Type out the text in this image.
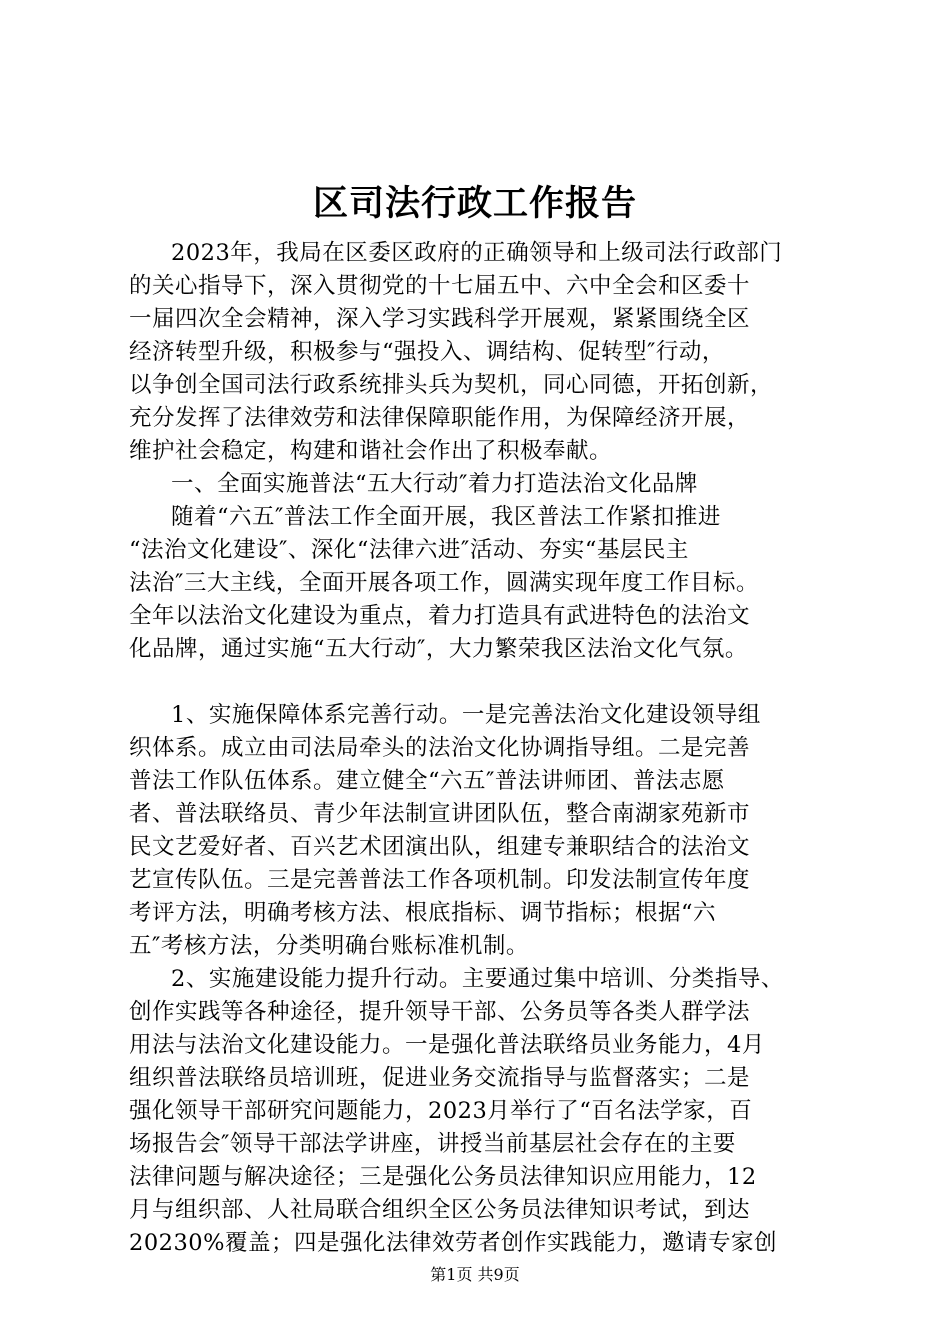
区司法行政工作报告
2023年，我局在区委区政府的正确领导和上级司法行政部门
的关心指导下，深入贯彻党的十七届五中、六中全会和区委十
一届四次全会精神，深入学习实践科学开展观，紧紧围绕全区
经济转型升级，积极参与“强投入、调结构、促转型″行动，
以争创全国司法行政系统排头兵为契机，同心同德，开拓创新，
充分发挥了法律效劳和法律保障职能作用，为保障经济开展，
维护社会稳定，构建和谐社会作出了积极奉献。
一、全面实施普法“五大行动″着力打造法治文化品牌
随着“六五″普法工作全面开展，我区普法工作紧扣推进
“法治文化建设″、深化“法律六进″活动、夯实“基层民主
法治″三大主线，全面开展各项工作，圆满实现年度工作目标。
全年以法治文化建设为重点，着力打造具有武进特色的法治文
化品牌，通过实施“五大行动″，大力繁荣我区法治文化气氛。
1、实施保障体系完善行动。一是完善法治文化建设领导组
织体系。成立由司法局牵头的法治文化协调指导组。二是完善
普法工作队伍体系。建立健全“六五″普法讲师团、普法志愿
者、普法联络员、青少年法制宣讲团队伍，整合南湖家苑新市
民文艺爱好者、百兴艺术团演出队，组建专兼职结合的法治文
艺宣传队伍。三是完善普法工作各项机制。印发法制宣传年度
考评方法，明确考核方法、根底指标、调节指标；根据“六
五″考核方法，分类明确台账标准机制。
2、实施建设能力提升行动。主要通过集中培训、分类指导、
创作实践等各种途径，提升领导干部、公务员等各类人群学法
用法与法治文化建设能力。一是强化普法联络员业务能力，4月
组织普法联络员培训班，促进业务交流指导与监督落实；二是
强化领导干部研究问题能力，2023月举行了“百名法学家，百
场报告会″领导干部法学讲座，讲授当前基层社会存在的主要
法律问题与解决途径；三是强化公务员法律知识应用能力，12
月与组织部、人社局联合组织全区公务员法律知识考试，到达
第1页 共9页
20230%覆盖；四是强化法律效劳者创作实践能力，邀请专家创
